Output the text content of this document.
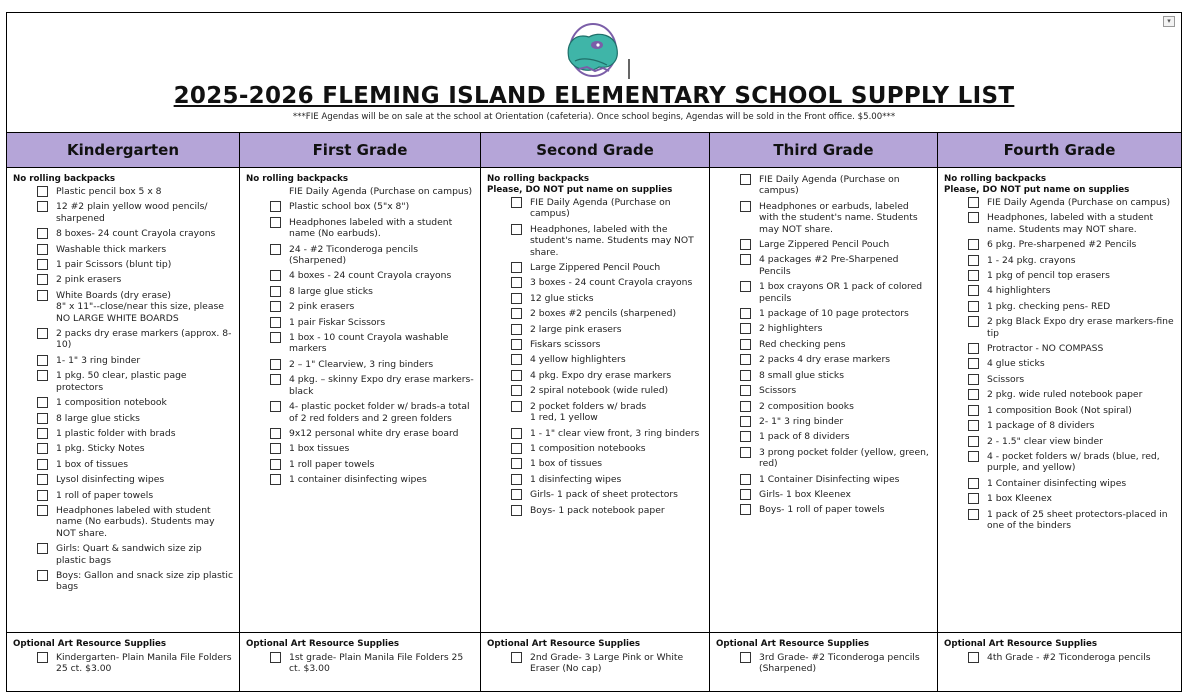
▾
2025-2026 FLEMING ISLAND ELEMENTARY SCHOOL SUPPLY LIST
***FIE Agendas will be on sale at the school at Orientation (cafeteria). Once school begins, Agendas will be sold in the Front office. $5.00***
Kindergarten
No rolling backpacks
Plastic pencil box 5 x 8
12 #2 plain yellow wood pencils/ sharpened
8 boxes- 24 count Crayola crayons
Washable thick markers
1 pair Scissors (blunt tip)
2 pink erasers
White Boards (dry erase)
8" x 11"--close/near this size, please NO LARGE WHITE BOARDS
2 packs dry erase markers (approx. 8-10)
1- 1" 3 ring binder
1 pkg. 50 clear, plastic page protectors
1 composition notebook
8 large glue sticks
1 plastic folder with brads
1 pkg. Sticky Notes
1 box of tissues
Lysol disinfecting wipes
1 roll of paper towels
Headphones labeled with student name (No earbuds). Students may NOT share.
Girls: Quart & sandwich size zip plastic bags
Boys: Gallon and snack size zip plastic bags
Optional Art Resource Supplies
Kindergarten- Plain Manila File Folders 25 ct. $3.00
First Grade
No rolling backpacks
FIE Daily Agenda (Purchase on campus)
Plastic school box (5"x 8")
Headphones labeled with a student name (No earbuds).
24 - #2 Ticonderoga pencils (Sharpened)
4 boxes - 24 count Crayola crayons
8 large glue sticks
2 pink erasers
1 pair Fiskar Scissors
1 box - 10 count Crayola washable markers
2 – 1" Clearview, 3 ring binders
4 pkg. – skinny Expo dry erase markers- black
4- plastic pocket folder w/ brads-a total of 2 red folders and 2 green folders
9x12 personal white dry erase board
1 box tissues
1 roll paper towels
1 container disinfecting wipes
Optional Art Resource Supplies
1st grade- Plain Manila File Folders 25 ct. $3.00
Second Grade
No rolling backpacks
Please, DO NOT put name on supplies
FIE Daily Agenda (Purchase on campus)
Headphones, labeled with the student's name. Students may NOT share.
Large Zippered Pencil Pouch
3 boxes - 24 count Crayola crayons
12 glue sticks
2 boxes #2 pencils (sharpened)
2 large pink erasers
Fiskars scissors
4 yellow highlighters
4 pkg. Expo dry erase markers
2 spiral notebook (wide ruled)
2 pocket folders w/ brads
1 red, 1 yellow
1 - 1" clear view front, 3 ring binders
1 composition notebooks
1 box of tissues
1 disinfecting wipes
Girls- 1 pack of sheet protectors
Boys- 1 pack notebook paper
Optional Art Resource Supplies
2nd Grade- 3 Large Pink or White Eraser (No cap)
Third Grade
FIE Daily Agenda (Purchase on campus)
Headphones or earbuds, labeled with the student's name. Students may NOT share.
Large Zippered Pencil Pouch
4 packages #2 Pre-Sharpened Pencils
1 box crayons OR 1 pack of colored pencils
1 package of 10 page protectors
2 highlighters
Red checking pens
2 packs 4 dry erase markers
8 small glue sticks
Scissors
2 composition books
2- 1" 3 ring binder
1 pack of 8 dividers
3 prong pocket folder (yellow, green, red)
1 Container Disinfecting wipes
Girls- 1 box Kleenex
Boys- 1 roll of paper towels
Optional Art Resource Supplies
3rd Grade- #2 Ticonderoga pencils (Sharpened)
Fourth Grade
No rolling backpacks
Please, DO NOT put name on supplies
FIE Daily Agenda (Purchase on campus)
Headphones, labeled with a student name. Students may NOT share.
6 pkg. Pre-sharpened #2 Pencils
1 - 24 pkg. crayons
1 pkg of pencil top erasers
4 highlighters
1 pkg. checking pens- RED
2 pkg Black Expo dry erase markers-fine tip
Protractor - NO COMPASS
4 glue sticks
Scissors
2 pkg. wide ruled notebook paper
1 composition Book (Not spiral)
1 package of 8 dividers
2 - 1.5" clear view binder
4 - pocket folders w/ brads (blue, red, purple, and yellow)
1 Container disinfecting wipes
1 box Kleenex
1 pack of 25 sheet protectors-placed in one of the binders
Optional Art Resource Supplies
4th Grade - #2 Ticonderoga pencils
